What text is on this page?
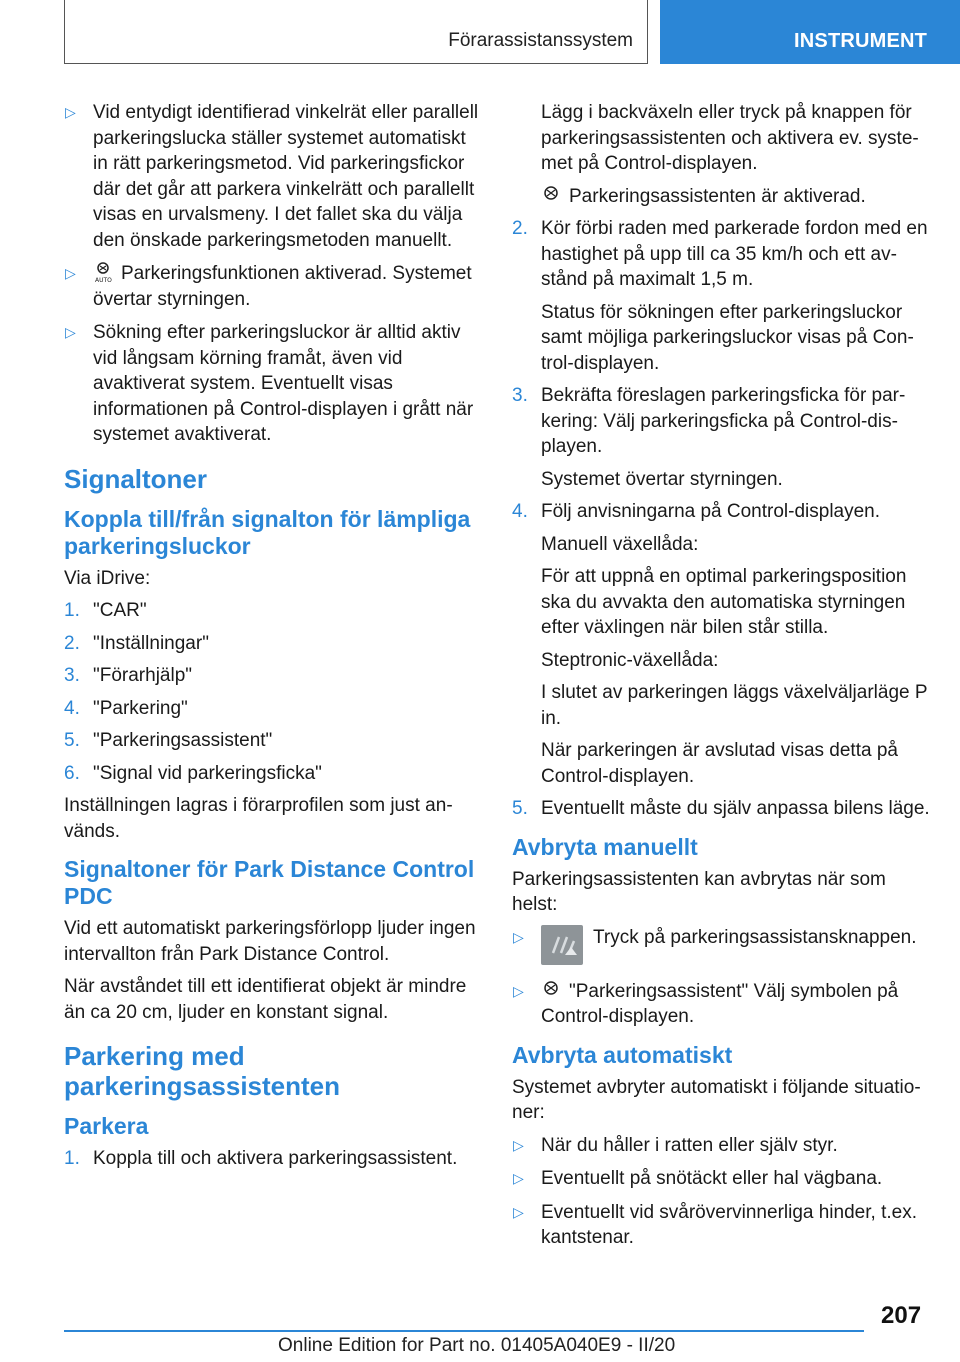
Förarassistanssystem	INSTRUMENT
▷ Vid entydigt identifierad vinkelrät eller parallell parkeringslucka ställer systemet automatiskt in rätt parkeringsmetod. Vid parkeringsfickor där det går att parkera vinkelrätt och parallellt visas en urvalsmeny. I det fallet ska du välja den önskade parkeringsmetoden manuellt.
▷ AUTO Parkeringsfunktionen aktiverad. Systemet övertar styrningen.
▷ Sökning efter parkeringsluckor är alltid aktiv vid långsam körning framåt, även vid avaktiverat system. Eventuellt visas informationen på Control-displayen i grått när systemet avaktiverat.
Signaltoner
Koppla till/från signalton för lämpliga parkeringsluckor

Via iDrive:

1. "CAR"
2. "Inställningar"
3. "Förarhjälp"
4. "Parkering"
5. "Parkeringsassistent"
6. "Signal vid parkeringsficka"

Inställningen lagras i förarprofilen som just används.

Signaltoner för Park Distance Control PDC

Vid ett automatiskt parkeringsförlopp ljuder ingen intervallton från Park Distance Control.

När avståndet till ett identifierat objekt är mindre än ca 20 cm, ljuder en konstant signal.

Parkering med parkeringsassistenten
Parkera
1. Koppla till och aktivera parkeringsassistent.

Lägg i backväxeln eller tryck på knappen för parkeringsassistenten och aktivera ev. systemet på Control-displayen.

Parkeringsassistenten är aktiverad.

2. Kör förbi raden med parkerade fordon med en hastighet på upp till ca 35 km/h och ett avstånd på maximalt 1,5 m.

Status för sökningen efter parkeringsluckor samt möjliga parkeringsluckor visas på Control-displayen.

3. Bekräfta föreslagen parkeringsficka för parkering: Välj parkeringsficka på Control-displayen.

Systemet övertar styrningen.

4. Följ anvisningarna på Control-displayen.

Manuell växellåda:

För att uppnå en optimal parkeringsposition ska du avvakta den automatiska styrningen efter växlingen när bilen står stilla.

Steptronic-växellåda:

I slutet av parkeringen läggs växelväljarläge P in.

När parkeringen är avslutad visas detta på Control-displayen.

5. Eventuellt måste du själv anpassa bilens läge.
Avbryta manuellt

Parkeringsassistenten kan avbrytas när som helst:

▷ Tryck på parkeringsassistansknappen.
▷ "Parkeringsassistent" Välj symbolen på Control-displayen.
Avbryta automatiskt

Systemet avbryter automatiskt i följande situationer:

▷ När du håller i ratten eller själv styr.
▷ Eventuellt på snötäckt eller hal vägbana.
▷ Eventuellt vid svårövervinnerliga hinder, t.ex. kantstenar.
207
Online Edition for Part no. 01405A040E9 - II/20
